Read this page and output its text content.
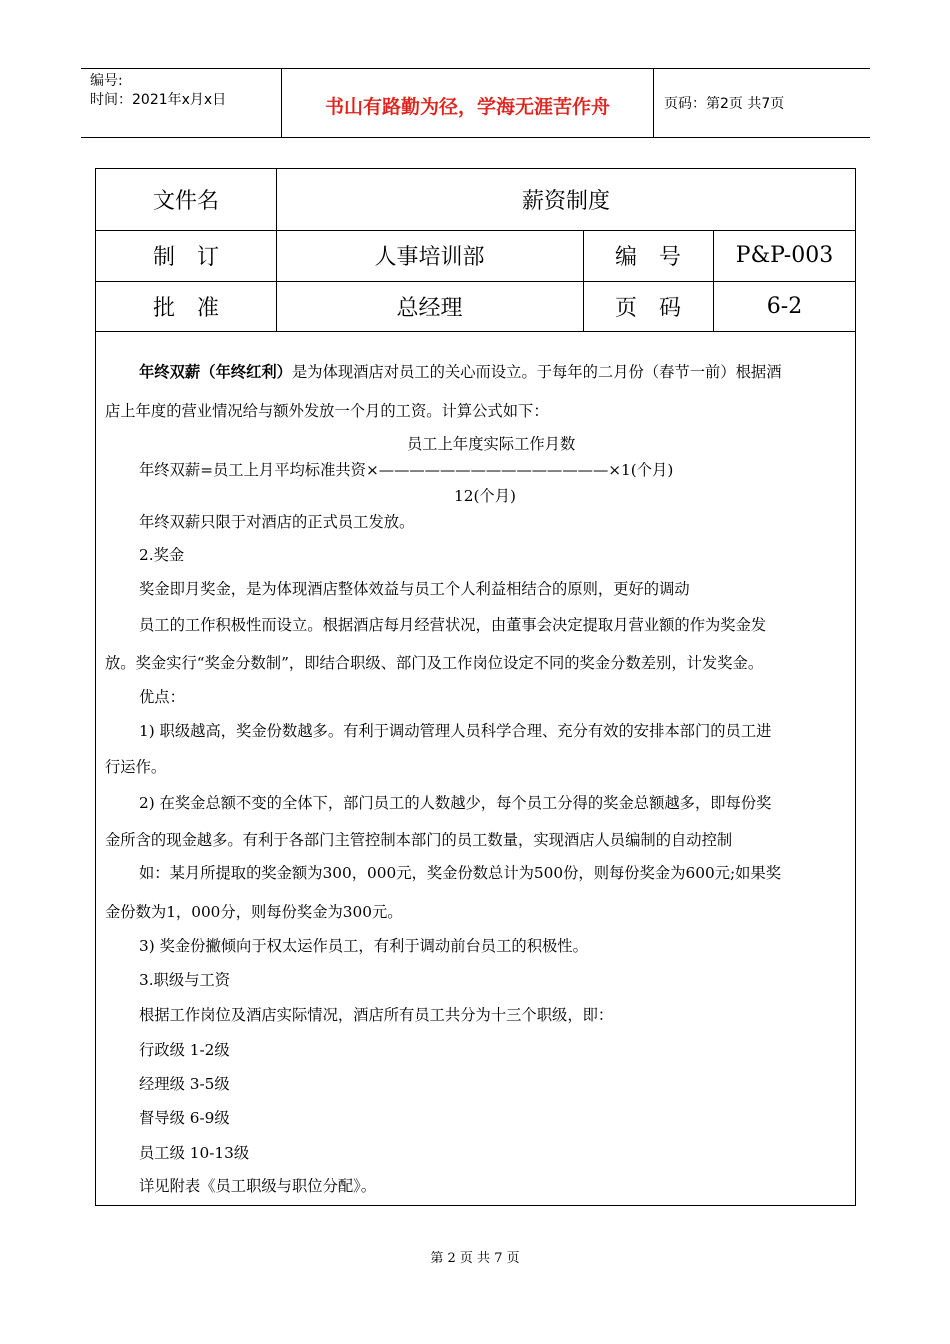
编号:
时间：2021年x月x日	书山有路勤为径，学海无涯苦作舟	页码：第2页 共7页
文件名	薪资制度
制　订	人事培训部	编　号	P&P-003
批　准	总经理	页　码	6-2
年终双薪（年终红利）是为体现酒店对员工的关心而设立。于每年的二月份（春节一前）根据酒
店上年度的营业情况给与额外发放一个月的工资。计算公式如下：
员工上年度实际工作月数
年终双薪=员工上月平均标准共资×———————————————×1(个月)
12(个月)
年终双薪只限于对酒店的正式员工发放。
2.奖金
奖金即月奖金，是为体现酒店整体效益与员工个人利益相结合的原则，更好的调动
员工的工作积极性而设立。根据酒店每月经营状况，由董事会决定提取月营业额的作为奖金发
放。奖金实行“奖金分数制”，即结合职级、部门及工作岗位设定不同的奖金分数差别，计发奖金。
优点：
1) 职级越高，奖金份数越多。有利于调动管理人员科学合理、充分有效的安排本部门的员工进
行运作。
2) 在奖金总额不变的全体下，部门员工的人数越少，每个员工分得的奖金总额越多，即每份奖
金所含的现金越多。有利于各部门主管控制本部门的员工数量，实现酒店人员编制的自动控制
如：某月所提取的奖金额为300，000元，奖金份数总计为500份，则每份奖金为600元;如果奖
金份数为1，000分，则每份奖金为300元。
3) 奖金份撇倾向于权太运作员工，有利于调动前台员工的积极性。
3.职级与工资
根据工作岗位及酒店实际情况，酒店所有员工共分为十三个职级，即：
行政级 1-2级
经理级 3-5级
督导级 6-9级
员工级 10-13级
详见附表《员工职级与职位分配》。
第 2 页 共 7 页
